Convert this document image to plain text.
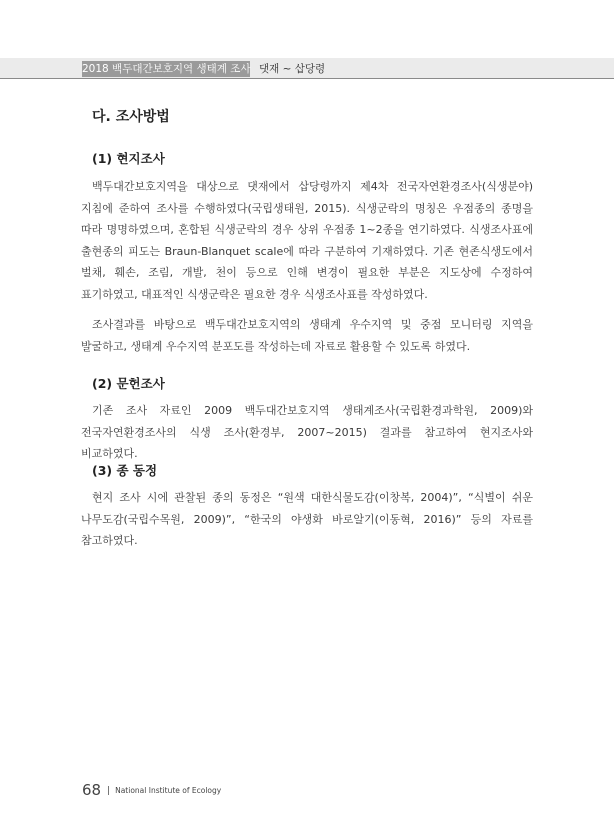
2018 백두대간보호지역 생태계 조사 댓재 ~ 삽당령
다. 조사방법
(1) 현지조사

백두대간보호지역을 대상으로 댓재에서 삽당령까지 제4차 전국자연환경조사(식생분야) 지침에 준하여 조사를 수행하였다(국립생태원, 2015). 식생군락의 명칭은 우점종의 종명을 따라 명명하였으며, 혼합된 식생군락의 경우 상위 우점종 1~2종을 연기하였다. 식생조사표에 출현종의 피도는 Braun-Blanquet scale에 따라 구분하여 기재하였다. 기존 현존식생도에서 벌채, 훼손, 조림, 개발, 천이 등으로 인해 변경이 필요한 부분은 지도상에 수정하여 표기하였고, 대표적인 식생군락은 필요한 경우 식생조사표를 작성하였다.

조사결과를 바탕으로 백두대간보호지역의 생태계 우수지역 및 중점 모니터링 지역을 발굴하고, 생태계 우수지역 분포도를 작성하는데 자료로 활용할 수 있도록 하였다.

(2) 문헌조사

기존 조사 자료인 2009 백두대간보호지역 생태계조사(국립환경과학원, 2009)와 전국자연환경조사의 식생 조사(환경부, 2007~2015) 결과를 참고하여 현지조사와 비교하였다.

(3) 종 동정

현지 조사 시에 관찰된 종의 동정은 “원색 대한식물도감(이창복, 2004)”, “식별이 쉬운 나무도감(국립수목원, 2009)”, “한국의 야생화 바로알기(이동혁, 2016)” 등의 자료를 참고하였다.

68 National Institute of Ecology
